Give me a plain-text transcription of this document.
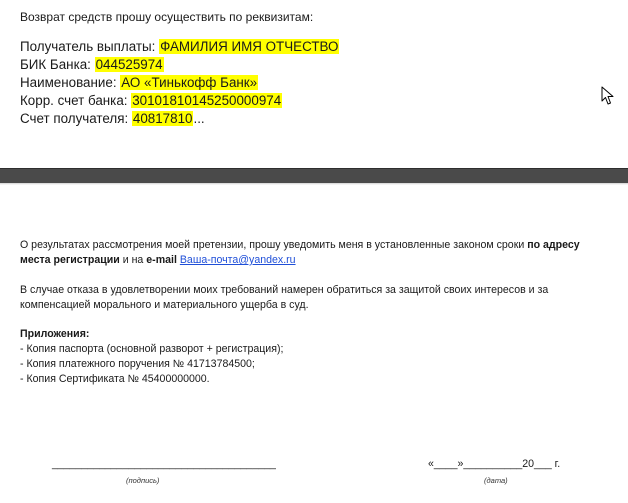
Возврат средств прошу осуществить по реквизитам:
Получатель выплаты: ФАМИЛИЯ ИМЯ ОТЧЕСТВО
БИК Банка: 044525974
Наименование: АО «Тинькофф Банк»
Корр. счет банка: 30101810145250000974
Счет получателя: 40817810...
О результатах рассмотрения моей претензии, прошу уведомить меня в установленные законом сроки по адресу места регистрации и на e-mail Ваша-почта@yandex.ru
В случае отказа в удовлетворении моих требований намерен обратиться за защитой своих интересов и за компенсацией морального и материального ущерба в суд.
Приложения:
- Копия паспорта (основной разворот + регистрация);
- Копия платежного поручения № 41713784500;
- Копия Сертификата № 45400000000.
______________________________________
(подпись)
«____»__________20___ г.
(дата)
